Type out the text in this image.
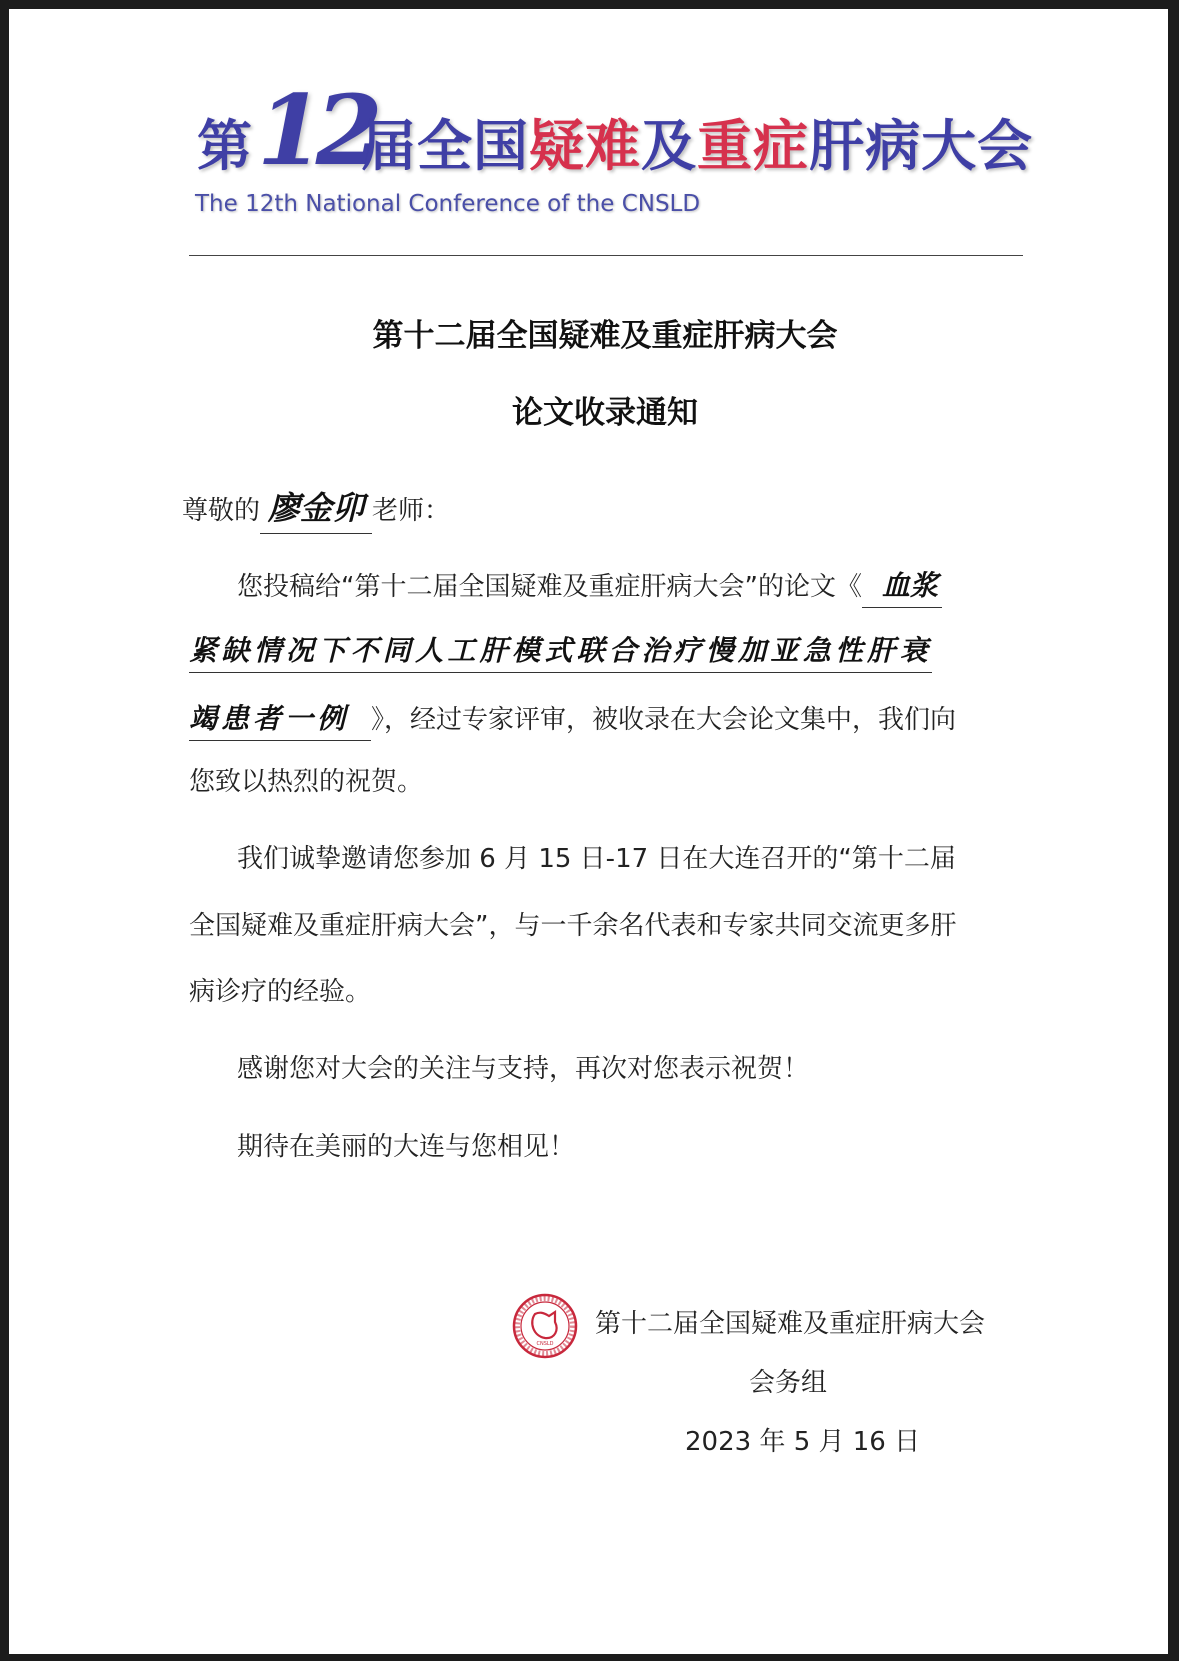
第 12
届全国疑难及重症肝病大会
The 12th National Conference of the CNSLD
第十二届全国疑难及重症肝病大会
论文收录通知
尊敬的 廖金卯 老师：
您投稿给“第十二届全国疑难及重症肝病大会”的论文《 血浆
紧缺情况下不同人工肝模式联合治疗慢加亚急性肝衰
竭患者一例 》，经过专家评审，被收录在大会论文集中，我们向
您致以热烈的祝贺。
我们诚挚邀请您参加 6 月 15 日-17 日在大连召开的“第十二届
全国疑难及重症肝病大会”，与一千余名代表和专家共同交流更多肝
病诊疗的经验。
感谢您对大会的关注与支持，再次对您表示祝贺！
期待在美丽的大连与您相见！
CNSLD
第十二届全国疑难及重症肝病大会
会务组
2023 年 5 月 16 日
